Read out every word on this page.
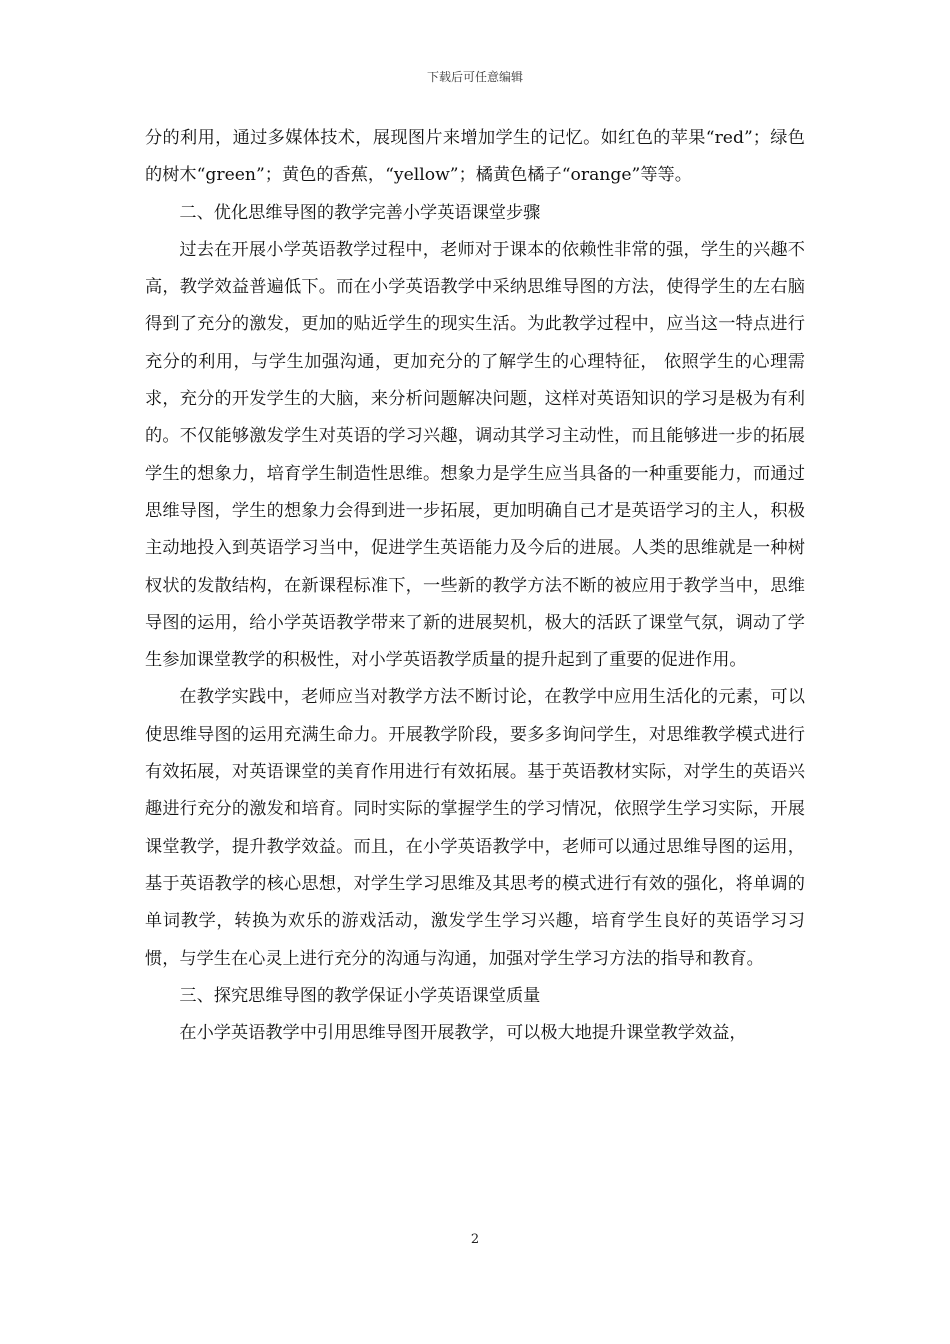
下载后可任意编辑

分的利用，通过多媒体技术，展现图片来增加学生的记忆。如红色的苹果“red”；绿色的树木“green”；黄色的香蕉，“yellow”；橘黄色橘子“orange”等等。

二、优化思维导图的教学完善小学英语课堂步骤

过去在开展小学英语教学过程中，老师对于课本的依赖性非常的强，学生的兴趣不高，教学效益普遍低下。而在小学英语教学中采纳思维导图的方法，使得学生的左右脑得到了充分的激发，更加的贴近学生的现实生活。为此教学过程中，应当这一特点进行充分的利用，与学生加强沟通，更加充分的了解学生的心理特征， 依照学生的心理需求，充分的开发学生的大脑，来分析问题解决问题，这样对英语知识的学习是极为有利的。不仅能够激发学生对英语的学习兴趣，调动其学习主动性，而且能够进一步的拓展学生的想象力，培育学生制造性思维。想象力是学生应当具备的一种重要能力，而通过思维导图，学生的想象力会得到进一步拓展，更加明确自己才是英语学习的主人，积极主动地投入到英语学习当中，促进学生英语能力及今后的进展。人类的思维就是一种树杈状的发散结构，在新课程标准下，一些新的教学方法不断的被应用于教学当中，思维导图的运用，给小学英语教学带来了新的进展契机，极大的活跃了课堂气氛，调动了学生参加课堂教学的积极性，对小学英语教学质量的提升起到了重要的促进作用。

在教学实践中，老师应当对教学方法不断讨论，在教学中应用生活化的元素，可以使思维导图的运用充满生命力。开展教学阶段，要多多询问学生，对思维教学模式进行有效拓展，对英语课堂的美育作用进行有效拓展。基于英语教材实际，对学生的英语兴趣进行充分的激发和培育。同时实际的掌握学生的学习情况，依照学生学习实际，开展课堂教学，提升教学效益。而且，在小学英语教学中，老师可以通过思维导图的运用，基于英语教学的核心思想，对学生学习思维及其思考的模式进行有效的强化，将单调的单词教学，转换为欢乐的游戏活动，激发学生学习兴趣，培育学生良好的英语学习习惯，与学生在心灵上进行充分的沟通与沟通，加强对学生学习方法的指导和教育。

三、探究思维导图的教学保证小学英语课堂质量

在小学英语教学中引用思维导图开展教学，可以极大地提升课堂教学效益，

2
